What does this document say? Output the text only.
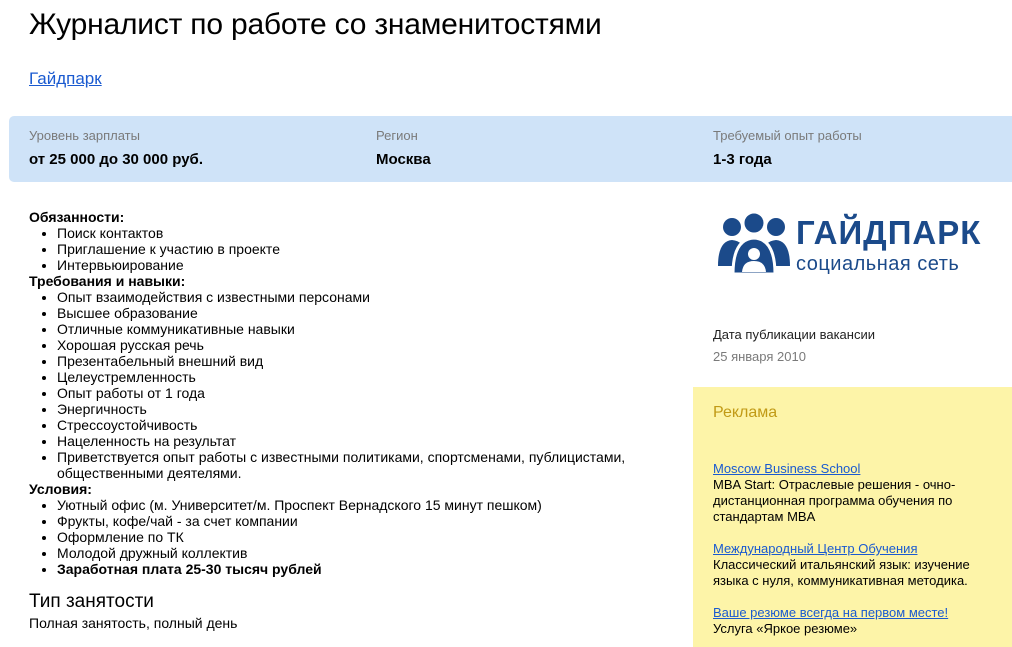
Журналист по работе со знаменитостями
Гайдпарк
Уровень зарплаты
от 25 000 до 30 000 руб.
Регион
Москва
Требуемый опыт работы
1-3 года
Обязанности:
• Поиск контактов
• Приглашение к участию в проекте
• Интервьюирование
Требования и навыки:
• Опыт взаимодействия с известными персонами
• Высшее образование
• Отличные коммуникативные навыки
• Хорошая русская речь
• Презентабельный внешний вид
• Целеустремленность
• Опыт работы от 1 года
• Энергичность
• Стрессоустойчивость
• Нацеленность на результат
• Приветствуется опыт работы с известными политиками, спортсменами, публицистами, общественными деятелями.
Условия:
• Уютный офис (м. Университет/м. Проспект Вернадского 15 минут пешком)
• Фрукты, кофе/чай - за счет компании
• Оформление по ТК
• Молодой дружный коллектив
• Заработная плата 25-30 тысяч рублей
Тип занятости
Полная занятость, полный день
ГАЙДПАРК
социальная сеть
Дата публикации вакансии
25 января 2010
Реклама
Moscow Business School
MBA Start: Отраслевые решения - очно-дистанционная программа обучения по стандартам MBA
Международный Центр Обучения
Классический итальянский язык: изучение языка с нуля, коммуникативная методика.
Ваше резюме всегда на первом месте!
Услуга «Яркое резюме»
